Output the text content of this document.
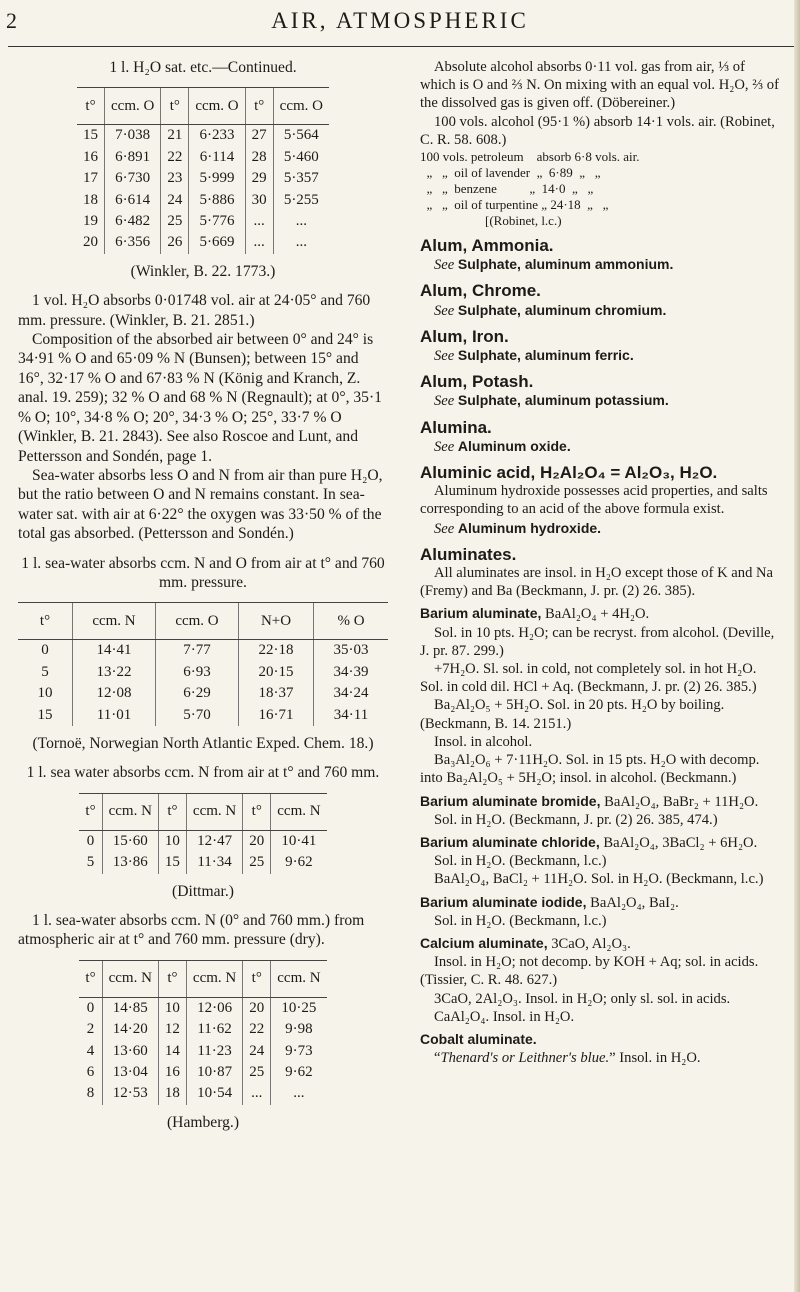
2	AIR, ATMOSPHERIC

1 l. H₂O sat. etc.—Continued.

t°	ccm. O	t°	ccm. O	t°	ccm. O
15	7·038	21	6·233	27	5·564
16	6·891	22	6·114	28	5·460
17	6·730	23	5·999	29	5·357
18	6·614	24	5·886	30	5·255
19	6·482	25	5·776	...	...
20	6·356	26	5·669	...	...

(Winkler, B. 22. 1773.)

1 vol. H₂O absorbs 0·01748 vol. air at 24·05° and 760 mm. pressure. (Winkler, B. 21. 2851.)

Composition of the absorbed air between 0° and 24° is 34·91 % O and 65·09 % N (Bunsen); between 15° and 16°, 32·17 % O and 67·83 % N (König and Kranch, Z. anal. 19. 259); 32 % O and 68 % N (Regnault); at 0°, 35·1 % O; 10°, 34·8 % O; 20°, 34·3 % O; 25°, 33·7 % O (Winkler, B. 21. 2843). See also Roscoe and Lunt, and Pettersson and Sondén, page 1.

Sea-water absorbs less O and N from air than pure H₂O, but the ratio between O and N remains constant. In sea-water sat. with air at 6·22° the oxygen was 33·50 % of the total gas absorbed. (Pettersson and Sondén.)

1 l. sea-water absorbs ccm. N and O from air at t° and 760 mm. pressure.

t°	ccm. N	ccm. O	N+O	% O
0	14·41	7·77	22·18	35·03
5	13·22	6·93	20·15	34·39
10	12·08	6·29	18·37	34·24
15	11·01	5·70	16·71	34·11

(Tornoë, Norwegian North Atlantic Exped. Chem. 18.)

1 l. sea water absorbs ccm. N from air at t° and 760 mm.

t°	ccm. N	t°	ccm. N	t°	ccm. N
0	15·60	10	12·47	20	10·41
5	13·86	15	11·34	25	9·62

(Dittmar.)

1 l. sea-water absorbs ccm. N (0° and 760 mm.) from atmospheric air at t° and 760 mm. pressure (dry).

t°	ccm. N	t°	ccm. N	t°	ccm. N
0	14·85	10	12·06	20	10·25
2	14·20	12	11·62	22	9·98
4	13·60	14	11·23	24	9·73
6	13·04	16	10·87	25	9·62
8	12·53	18	10·54	...	...

(Hamberg.)

Absolute alcohol absorbs 0·11 vol. gas from air, ⅓ of which is O and ⅔ N. On mixing with an equal vol. H₂O, ⅔ of the dissolved gas is given off. (Döbereiner.)

100 vols. alcohol (95·1 %) absorb 14·1 vols. air. (Robinet, C. R. 58. 608.)

100 vols. petroleum    absorb 6·8 vols. air.
„   „  oil of lavender  „  6·89  „   „
„   „  benzene          „  14·0  „   „
„   „  oil of turpentine „ 24·18  „   „
[(Robinet, l.c.)

Alum, Ammonia.

See Sulphate, aluminum ammonium.

Alum, Chrome.

See Sulphate, aluminum chromium.

Alum, Iron.

See Sulphate, aluminum ferric.

Alum, Potash.

See Sulphate, aluminum potassium.

Alumina.

See Aluminum oxide.

Aluminic acid, H₂Al₂O₄ = Al₂O₃, H₂O.

Aluminum hydroxide possesses acid properties, and salts corresponding to an acid of the above formula exist.

See Aluminum hydroxide.

Aluminates.

All aluminates are insol. in H₂O except those of K and Na (Fremy) and Ba (Beckmann, J. pr. (2) 26. 385).

Barium aluminate, BaAl₂O₄ + 4H₂O.

Sol. in 10 pts. H₂O; can be recryst. from alcohol. (Deville, J. pr. 87. 299.)

+7H₂O. Sl. sol. in cold, not completely sol. in hot H₂O. Sol. in cold dil. HCl + Aq. (Beckmann, J. pr. (2) 26. 385.)

Ba₂Al₂O₅ + 5H₂O. Sol. in 20 pts. H₂O by boiling. (Beckmann, B. 14. 2151.)

Insol. in alcohol.

Ba₃Al₂O₆ + 7·11H₂O. Sol. in 15 pts. H₂O with decomp. into Ba₂Al₂O₅ + 5H₂O; insol. in alcohol. (Beckmann.)

Barium aluminate bromide, BaAl₂O₄, BaBr₂ + 11H₂O.

Sol. in H₂O. (Beckmann, J. pr. (2) 26. 385, 474.)

Barium aluminate chloride, BaAl₂O₄, 3BaCl₂ + 6H₂O.

Sol. in H₂O. (Beckmann, l.c.)

BaAl₂O₄, BaCl₂ + 11H₂O. Sol. in H₂O. (Beckmann, l.c.)

Barium aluminate iodide, BaAl₂O₄, BaI₂.

Sol. in H₂O. (Beckmann, l.c.)

Calcium aluminate, 3CaO, Al₂O₃.

Insol. in H₂O; not decomp. by KOH + Aq; sol. in acids. (Tissier, C. R. 48. 627.)

3CaO, 2Al₂O₃. Insol. in H₂O; only sl. sol. in acids.

CaAl₂O₄. Insol. in H₂O.

Cobalt aluminate.

“Thenard's or Leithner's blue.” Insol. in H₂O.
